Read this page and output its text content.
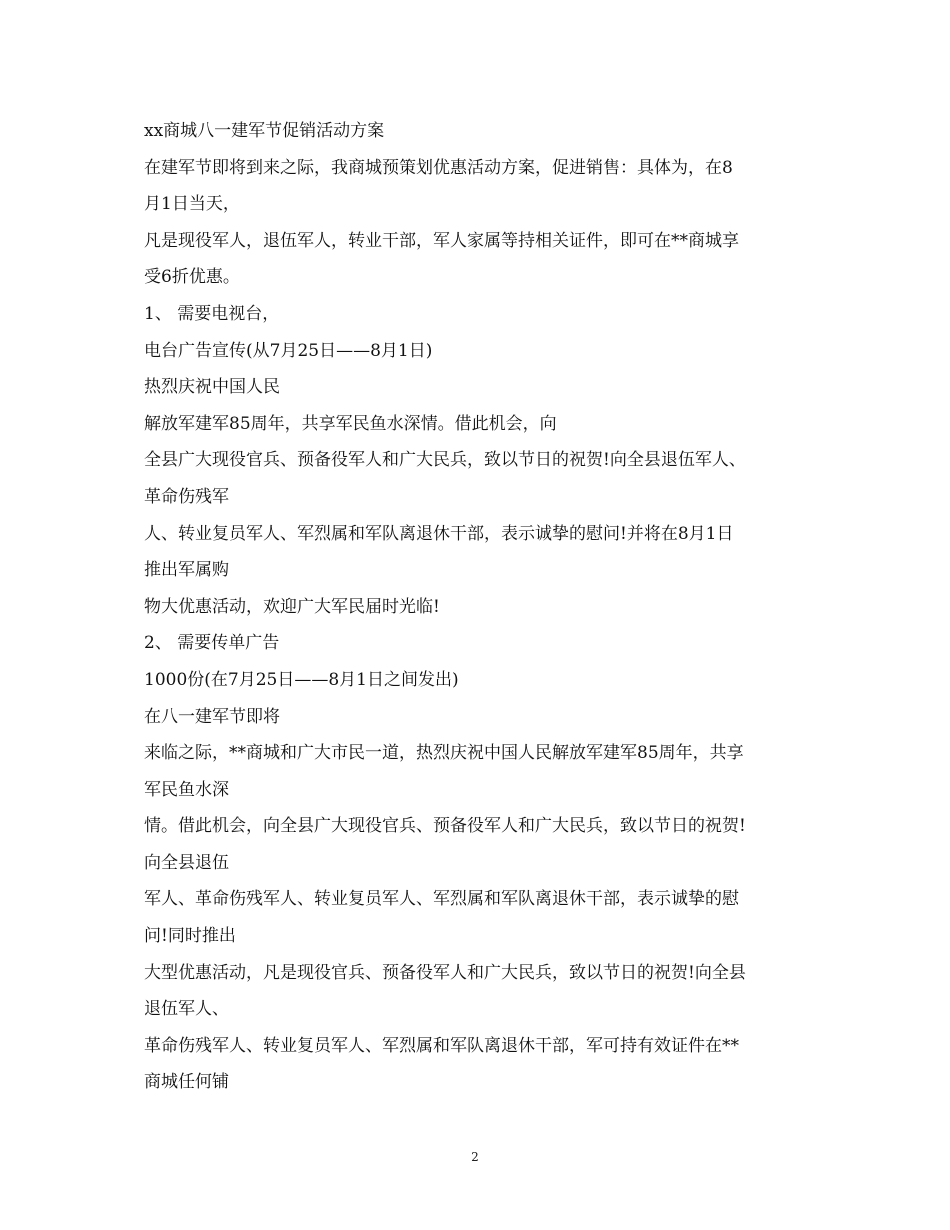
xx商城八一建军节促销活动方案
在建军节即将到来之际，我商城预策划优惠活动方案，促进销售：具体为，在8
月1日当天，
凡是现役军人，退伍军人，转业干部，军人家属等持相关证件，即可在**商城享
受6折优惠。
1、 需要电视台，
电台广告宣传(从7月25日——8月1日)
热烈庆祝中国人民
解放军建军85周年，共享军民鱼水深情。借此机会，向
全县广大现役官兵、预备役军人和广大民兵，致以节日的祝贺!向全县退伍军人、
革命伤残军
人、转业复员军人、军烈属和军队离退休干部，表示诚挚的慰问!并将在8月1日
推出军属购
物大优惠活动，欢迎广大军民届时光临!
2、 需要传单广告
1000份(在7月25日——8月1日之间发出)
在八一建军节即将
来临之际，**商城和广大市民一道，热烈庆祝中国人民解放军建军85周年，共享
军民鱼水深
情。借此机会，向全县广大现役官兵、预备役军人和广大民兵，致以节日的祝贺!
向全县退伍
军人、革命伤残军人、转业复员军人、军烈属和军队离退休干部，表示诚挚的慰
问!同时推出
大型优惠活动，凡是现役官兵、预备役军人和广大民兵，致以节日的祝贺!向全县
退伍军人、
革命伤残军人、转业复员军人、军烈属和军队离退休干部，军可持有效证件在**
商城任何铺
2
